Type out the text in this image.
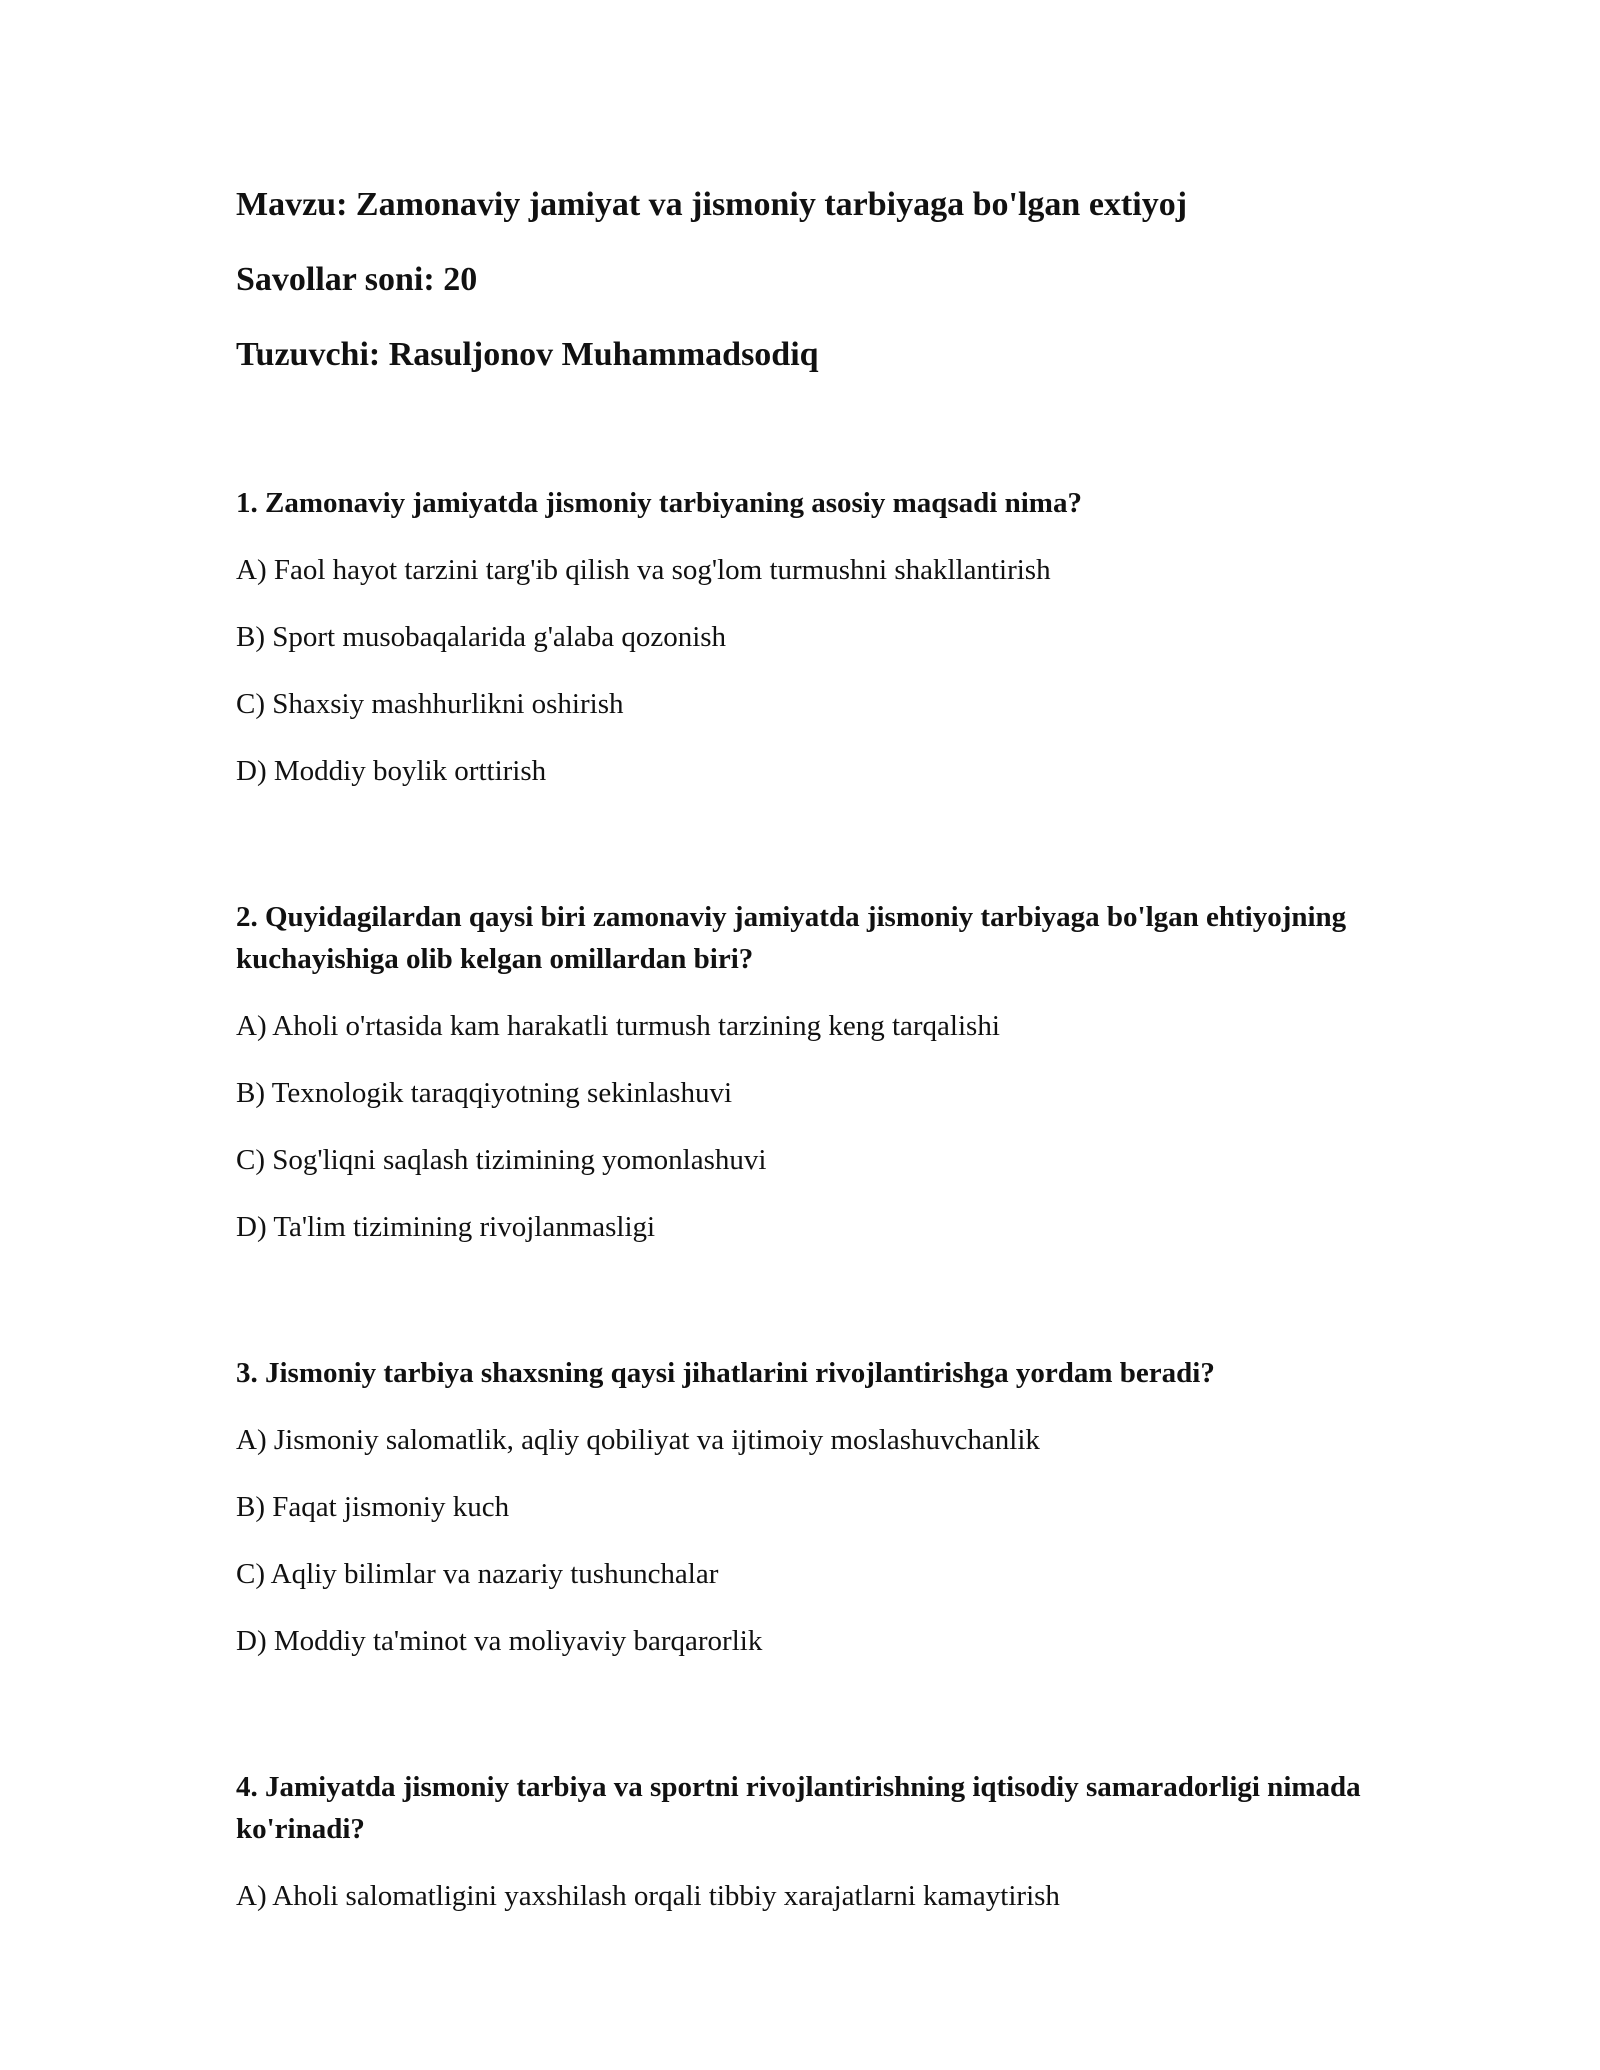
Mavzu: Zamonaviy jamiyat va jismoniy tarbiyaga bo'lgan extiyoj
Savollar soni: 20
Tuzuvchi: Rasuljonov Muhammadsodiq
1. Zamonaviy jamiyatda jismoniy tarbiyaning asosiy maqsadi nima?
A) Faol hayot tarzini targ'ib qilish va sog'lom turmushni shakllantirish
B) Sport musobaqalarida g'alaba qozonish
C) Shaxsiy mashhurlikni oshirish
D) Moddiy boylik orttirish
2. Quyidagilardan qaysi biri zamonaviy jamiyatda jismoniy tarbiyaga bo'lgan ehtiyojning kuchayishiga olib kelgan omillardan biri?
A) Aholi o'rtasida kam harakatli turmush tarzining keng tarqalishi
B) Texnologik taraqqiyotning sekinlashuvi
C) Sog'liqni saqlash tizimining yomonlashuvi
D) Ta'lim tizimining rivojlanmasligi
3. Jismoniy tarbiya shaxsning qaysi jihatlarini rivojlantirishga yordam beradi?
A) Jismoniy salomatlik, aqliy qobiliyat va ijtimoiy moslashuvchanlik
B) Faqat jismoniy kuch
C) Aqliy bilimlar va nazariy tushunchalar
D) Moddiy ta'minot va moliyaviy barqarorlik
4. Jamiyatda jismoniy tarbiya va sportni rivojlantirishning iqtisodiy samaradorligi nimada ko'rinadi?
A) Aholi salomatligini yaxshilash orqali tibbiy xarajatlarni kamaytirish
